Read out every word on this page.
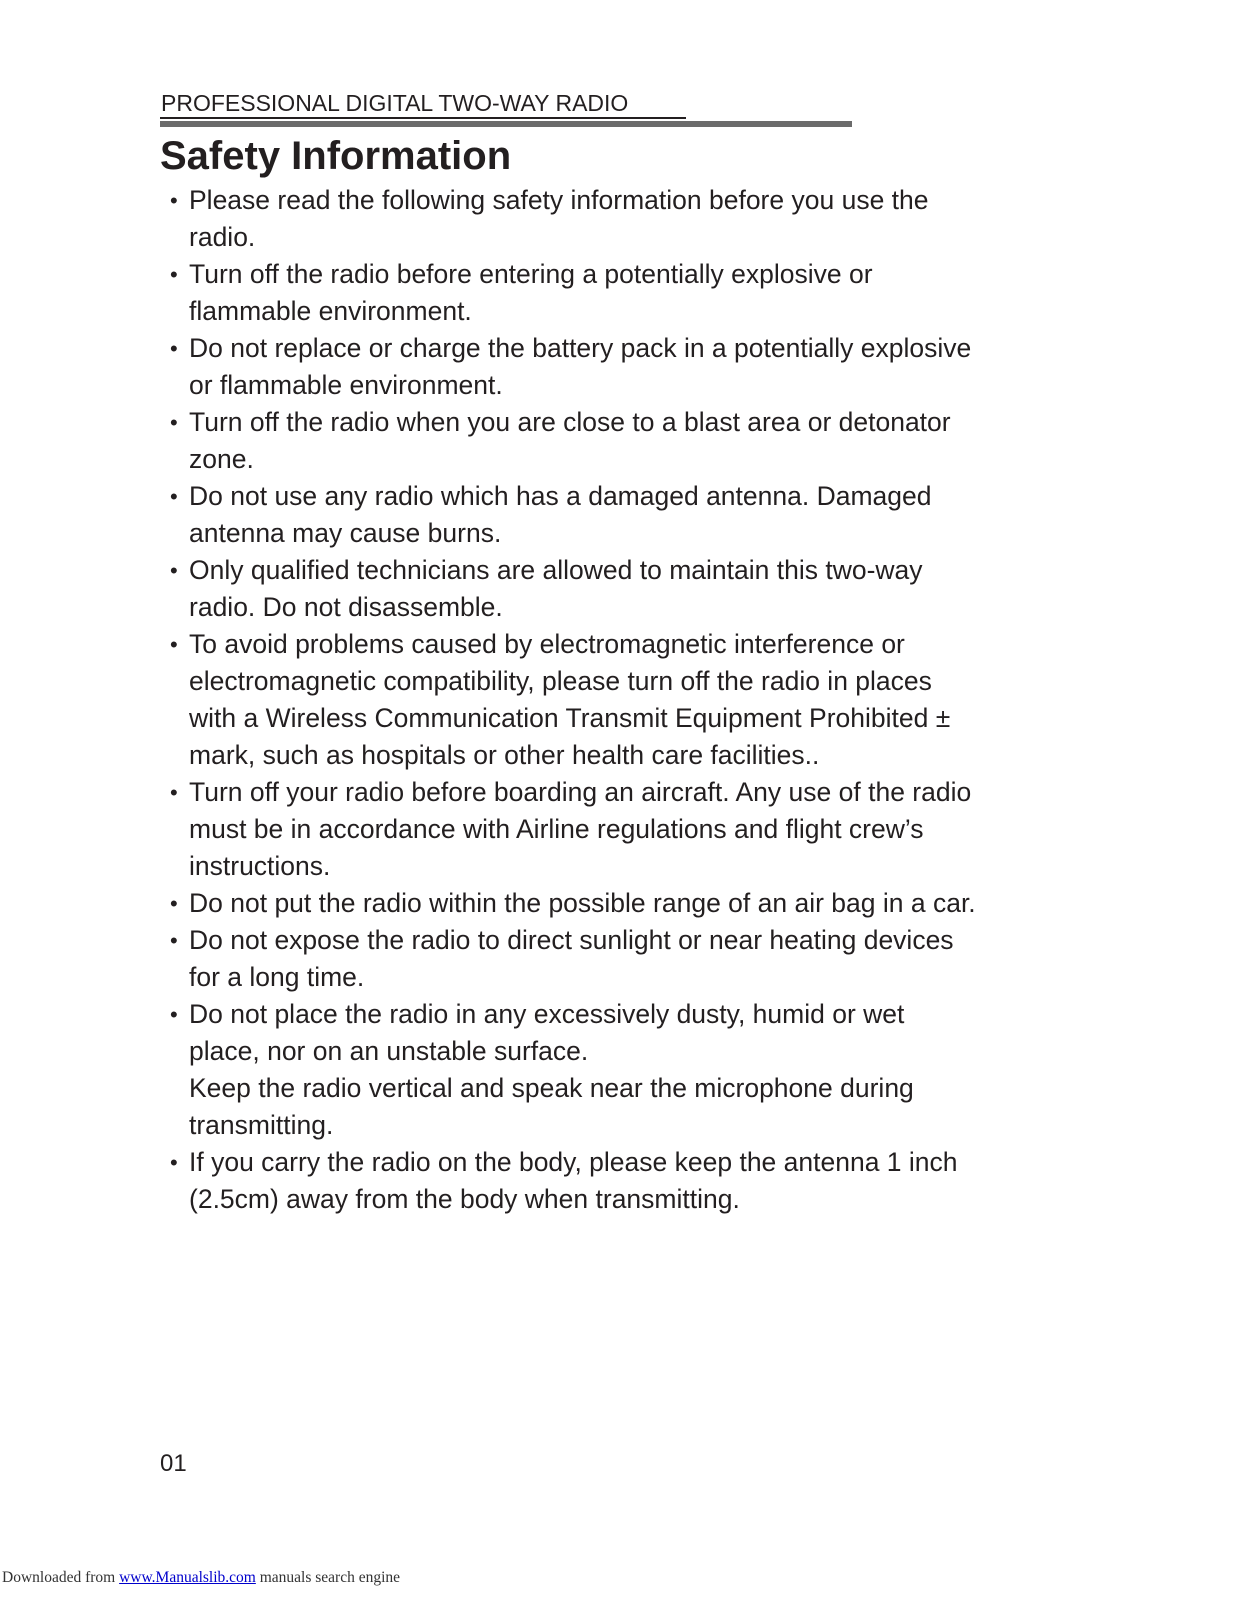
PROFESSIONAL DIGITAL TWO-WAY RADIO
Safety Information
• Please read the following safety information before you use the
radio.
• Turn off the radio before entering a potentially explosive or
flammable environment.
• Do not replace or charge the battery pack in a potentially explosive
or flammable environment.
• Turn off the radio when you are close to a blast area or detonator
zone.
• Do not use any radio which has a damaged antenna. Damaged
antenna may cause burns.
• Only qualified technicians are allowed to maintain this two-way
radio. Do not disassemble.
• To avoid problems caused by electromagnetic interference or
electromagnetic compatibility, please turn off the radio in places
with a Wireless Communication Transmit Equipment Prohibited ±
mark, such as hospitals or other health care facilities..
• Turn off your radio before boarding an aircraft. Any use of the radio
must be in accordance with Airline regulations and flight crew’s
instructions.
• Do not put the radio within the possible range of an air bag in a car.
• Do not expose the radio to direct sunlight or near heating devices
for a long time.
• Do not place the radio in any excessively dusty, humid or wet
place, nor on an unstable surface.
Keep the radio vertical and speak near the microphone during
transmitting.
• If you carry the radio on the body, please keep the antenna 1 inch
(2.5cm) away from the body when transmitting.
01
Downloaded from www.Manualslib.com manuals search engine
